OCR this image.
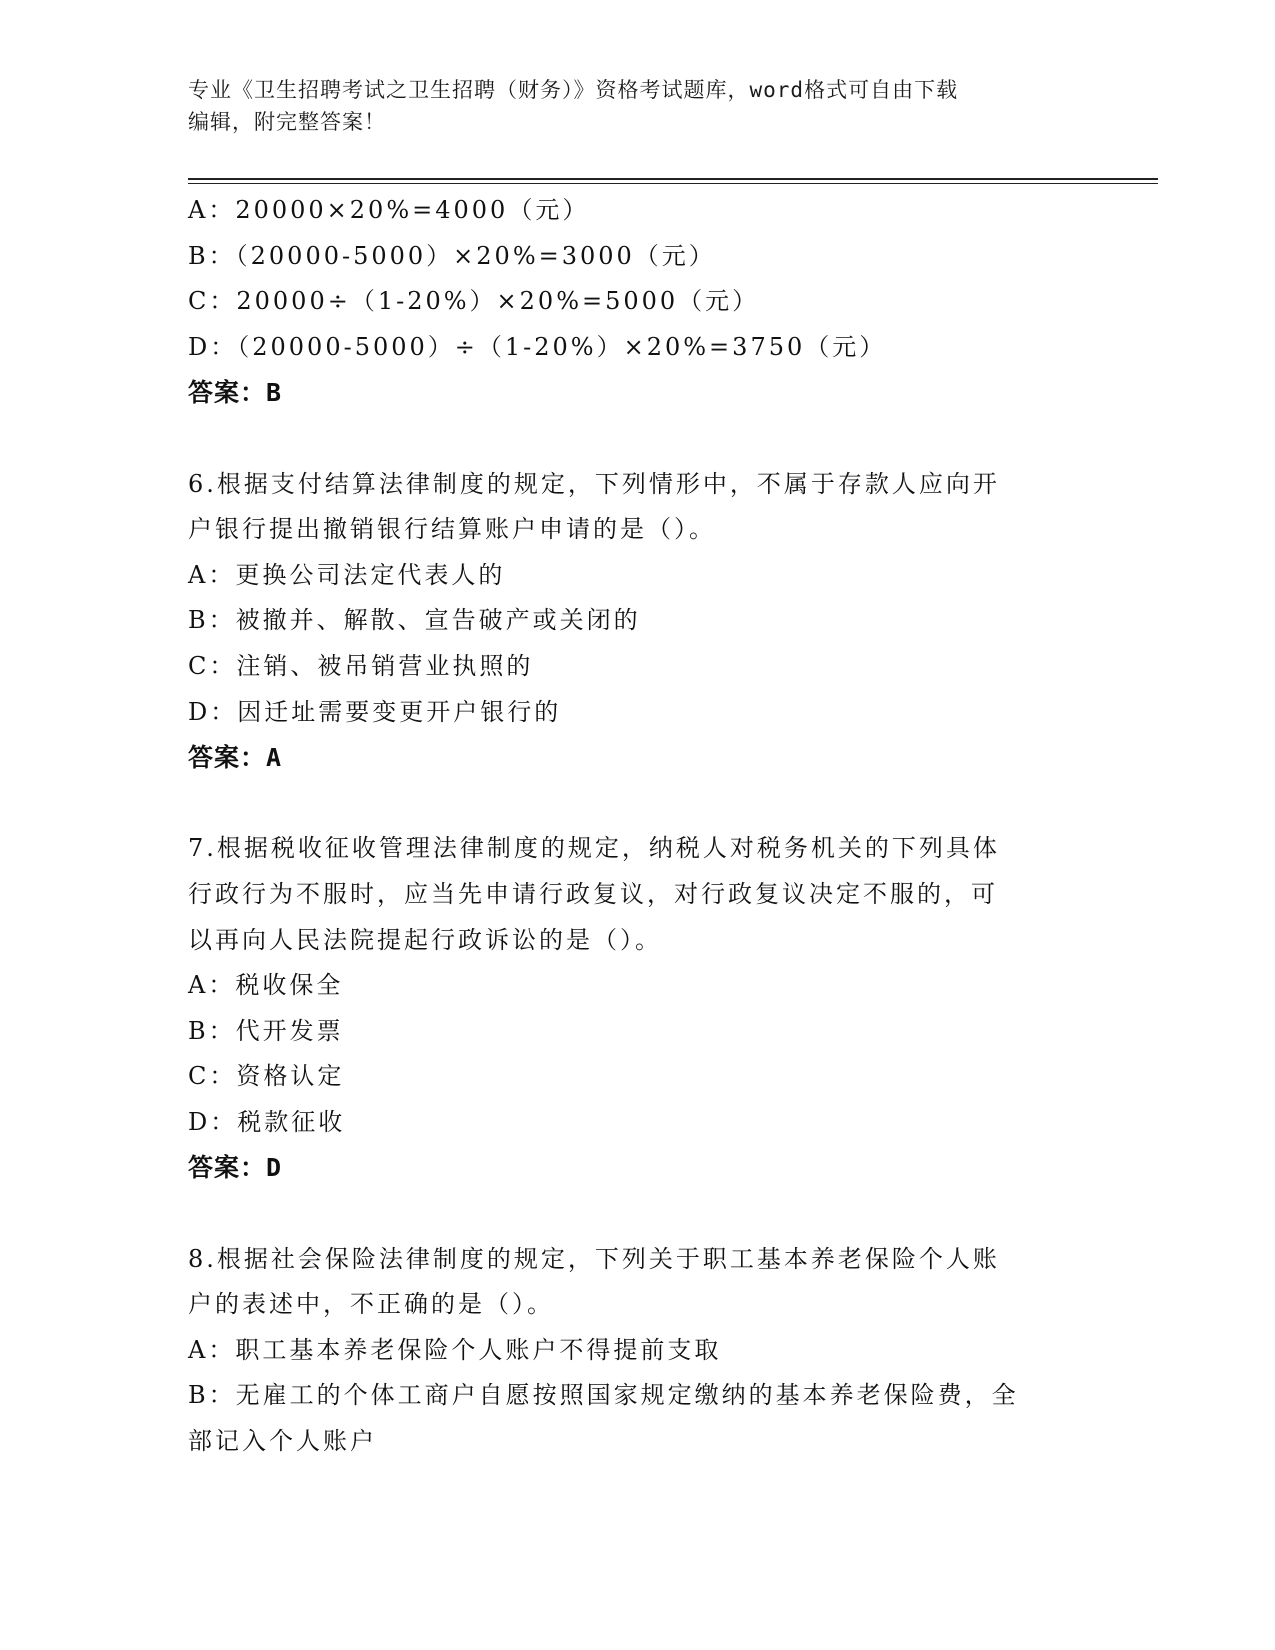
专业《卫生招聘考试之卫生招聘（财务）》资格考试题库，word格式可自由下载
编辑，附完整答案！
A：20000×20%=4000（元）
B：（20000-5000）×20%=3000（元）
C：20000÷（1-20%）×20%=5000（元）
D：（20000-5000）÷（1-20%）×20%=3750（元）
答案：B
6.根据支付结算法律制度的规定，下列情形中，不属于存款人应向开
户银行提出撤销银行结算账户申请的是（）。
A：更换公司法定代表人的
B：被撤并、解散、宣告破产或关闭的
C：注销、被吊销营业执照的
D：因迁址需要变更开户银行的
答案：A
7.根据税收征收管理法律制度的规定，纳税人对税务机关的下列具体
行政行为不服时，应当先申请行政复议，对行政复议决定不服的，可
以再向人民法院提起行政诉讼的是（）。
A：税收保全
B：代开发票
C：资格认定
D：税款征收
答案：D
8.根据社会保险法律制度的规定，下列关于职工基本养老保险个人账
户的表述中，不正确的是（）。
A：职工基本养老保险个人账户不得提前支取
B：无雇工的个体工商户自愿按照国家规定缴纳的基本养老保险费，全
部记入个人账户
